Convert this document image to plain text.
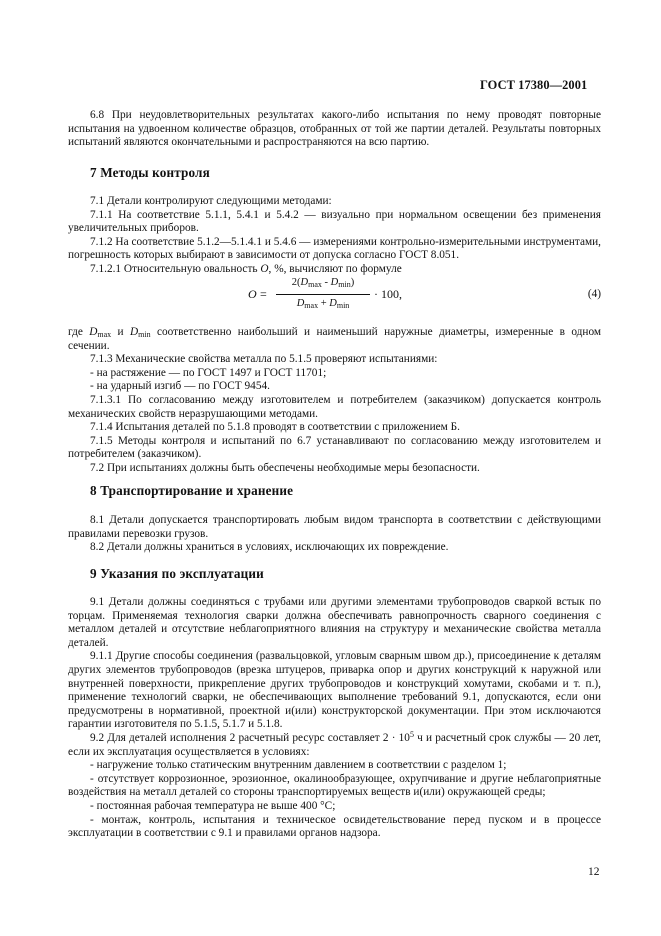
ГОСТ 17380—2001

6.8 При неудовлетворительных результатах какого-либо испытания по нему проводят повторные испытания на удвоенном количестве образцов, отобранных от той же партии деталей. Результаты повторных испытаний являются окончательными и распространяются на всю партию.

7 Методы контроля

7.1 Детали контролируют следующими методами:

7.1.1 На соответствие 5.1.1, 5.4.1 и 5.4.2 — визуально при нормальном освещении без применения увеличительных приборов.

7.1.2 На соответствие 5.1.2—5.1.4.1 и 5.4.6 — измерениями контрольно-измерительными инструментами, погрешность которых выбирают в зависимости от допуска согласно ГОСТ 8.051.

7.1.2.1 Относительную овальность O, %, вычисляют по формуле

O =
$2(D_{max} - D_{min})$
$D_{max} + D_{min}$
· 100,	(4)

где $D_{max}$ и $D_{min}$ соответственно наибольший и наименьший наружные диаметры, измеренные в одном сечении.

7.1.3 Механические свойства металла по 5.1.5 проверяют испытаниями:

- на растяжение — по ГОСТ 1497 и ГОСТ 11701;

- на ударный изгиб — по ГОСТ 9454.

7.1.3.1 По согласованию между изготовителем и потребителем (заказчиком) допускается контроль механических свойств неразрушающими методами.

7.1.4 Испытания деталей по 5.1.8 проводят в соответствии с приложением Б.

7.1.5 Методы контроля и испытаний по 6.7 устанавливают по согласованию между изготовителем и потребителем (заказчиком).

7.2 При испытаниях должны быть обеспечены необходимые меры безопасности.

8 Транспортирование и хранение

8.1 Детали допускается транспортировать любым видом транспорта в соответствии с действующими правилами перевозки грузов.

8.2 Детали должны храниться в условиях, исключающих их повреждение.

9 Указания по эксплуатации

9.1 Детали должны соединяться с трубами или другими элементами трубопроводов сваркой встык по торцам. Применяемая технология сварки должна обеспечивать равнопрочность сварного соединения с металлом деталей и отсутствие неблагоприятного влияния на структуру и механические свойства металла деталей.

9.1.1 Другие способы соединения (развальцовкой, угловым сварным швом др.), присоединение к деталям других элементов трубопроводов (врезка штуцеров, приварка опор и других конструкций к наружной или внутренней поверхности, прикрепление других трубопроводов и конструкций хомутами, скобами и т. п.), применение технологий сварки, не обеспечивающих выполнение требований 9.1, допускаются, если они предусмотрены в нормативной, проектной и(или) конструкторской документации. При этом исключаются гарантии изготовителя по 5.1.5, 5.1.7 и 5.1.8.

9.2 Для деталей исполнения 2 расчетный ресурс составляет $2 \cdot 10^5$ ч и расчетный срок службы — 20 лет, если их эксплуатация осуществляется в условиях:

- нагружение только статическим внутренним давлением в соответствии с разделом 1;

- отсутствует коррозионное, эрозионное, окалинообразующее, охрупчивание и другие неблагоприятные воздействия на металл деталей со стороны транспортируемых веществ и(или) окружающей среды;

- постоянная рабочая температура не выше 400 °С;

- монтаж, контроль, испытания и техническое освидетельствование перед пуском и в процессе эксплуатации в соответствии с 9.1 и правилами органов надзора.

12
